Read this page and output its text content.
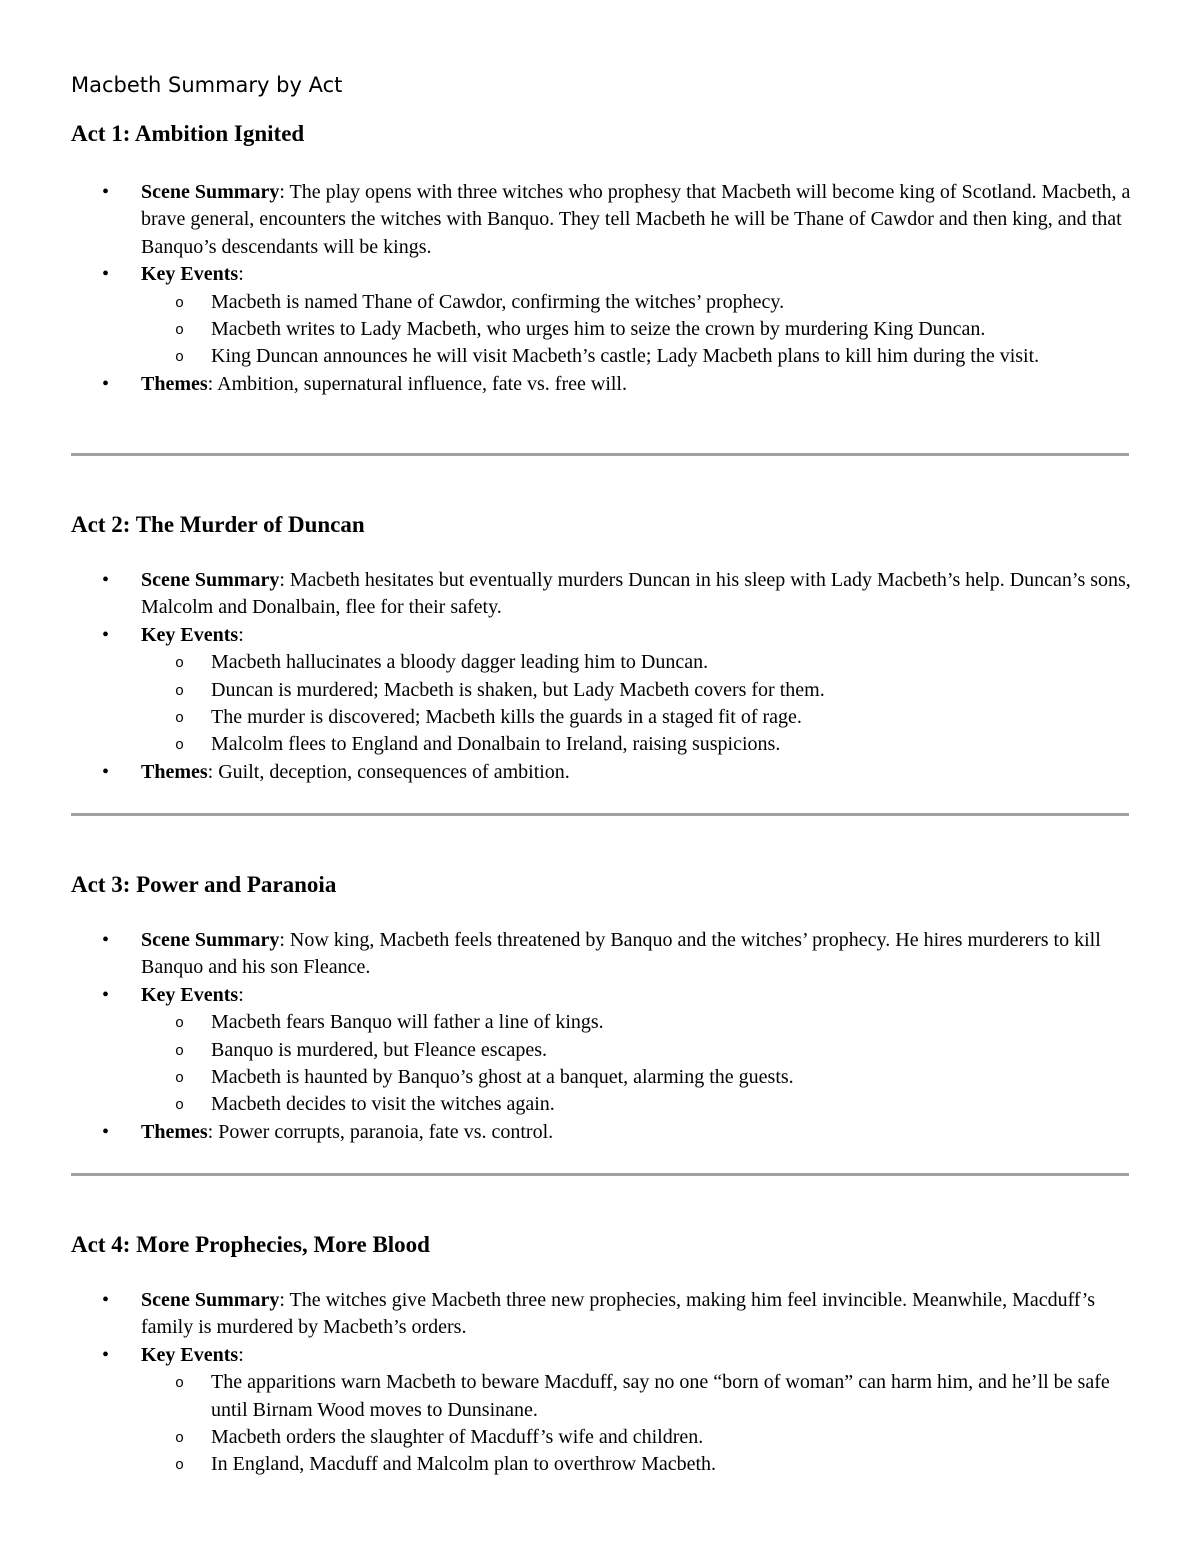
Macbeth Summary by Act
Act 1: Ambition Ignited
• Scene Summary: The play opens with three witches who prophesy that Macbeth will become king of Scotland. Macbeth, a brave general, encounters the witches with Banquo. They tell Macbeth he will be Thane of Cawdor and then king, and that Banquo’s descendants will be kings.
• Key Events:
o Macbeth is named Thane of Cawdor, confirming the witches’ prophecy.
o Macbeth writes to Lady Macbeth, who urges him to seize the crown by murdering King Duncan.
o King Duncan announces he will visit Macbeth’s castle; Lady Macbeth plans to kill him during the visit.
• Themes: Ambition, supernatural influence, fate vs. free will.
Act 2: The Murder of Duncan
• Scene Summary: Macbeth hesitates but eventually murders Duncan in his sleep with Lady Macbeth’s help. Duncan’s sons, Malcolm and Donalbain, flee for their safety.
• Key Events:
o Macbeth hallucinates a bloody dagger leading him to Duncan.
o Duncan is murdered; Macbeth is shaken, but Lady Macbeth covers for them.
o The murder is discovered; Macbeth kills the guards in a staged fit of rage.
o Malcolm flees to England and Donalbain to Ireland, raising suspicions.
• Themes: Guilt, deception, consequences of ambition.
Act 3: Power and Paranoia
• Scene Summary: Now king, Macbeth feels threatened by Banquo and the witches’ prophecy. He hires murderers to kill Banquo and his son Fleance.
• Key Events:
o Macbeth fears Banquo will father a line of kings.
o Banquo is murdered, but Fleance escapes.
o Macbeth is haunted by Banquo’s ghost at a banquet, alarming the guests.
o Macbeth decides to visit the witches again.
• Themes: Power corrupts, paranoia, fate vs. control.
Act 4: More Prophecies, More Blood
• Scene Summary: The witches give Macbeth three new prophecies, making him feel invincible. Meanwhile, Macduff’s family is murdered by Macbeth’s orders.
• Key Events:
o The apparitions warn Macbeth to beware Macduff, say no one “born of woman” can harm him, and he’ll be safe until Birnam Wood moves to Dunsinane.
o Macbeth orders the slaughter of Macduff’s wife and children.
o In England, Macduff and Malcolm plan to overthrow Macbeth.
